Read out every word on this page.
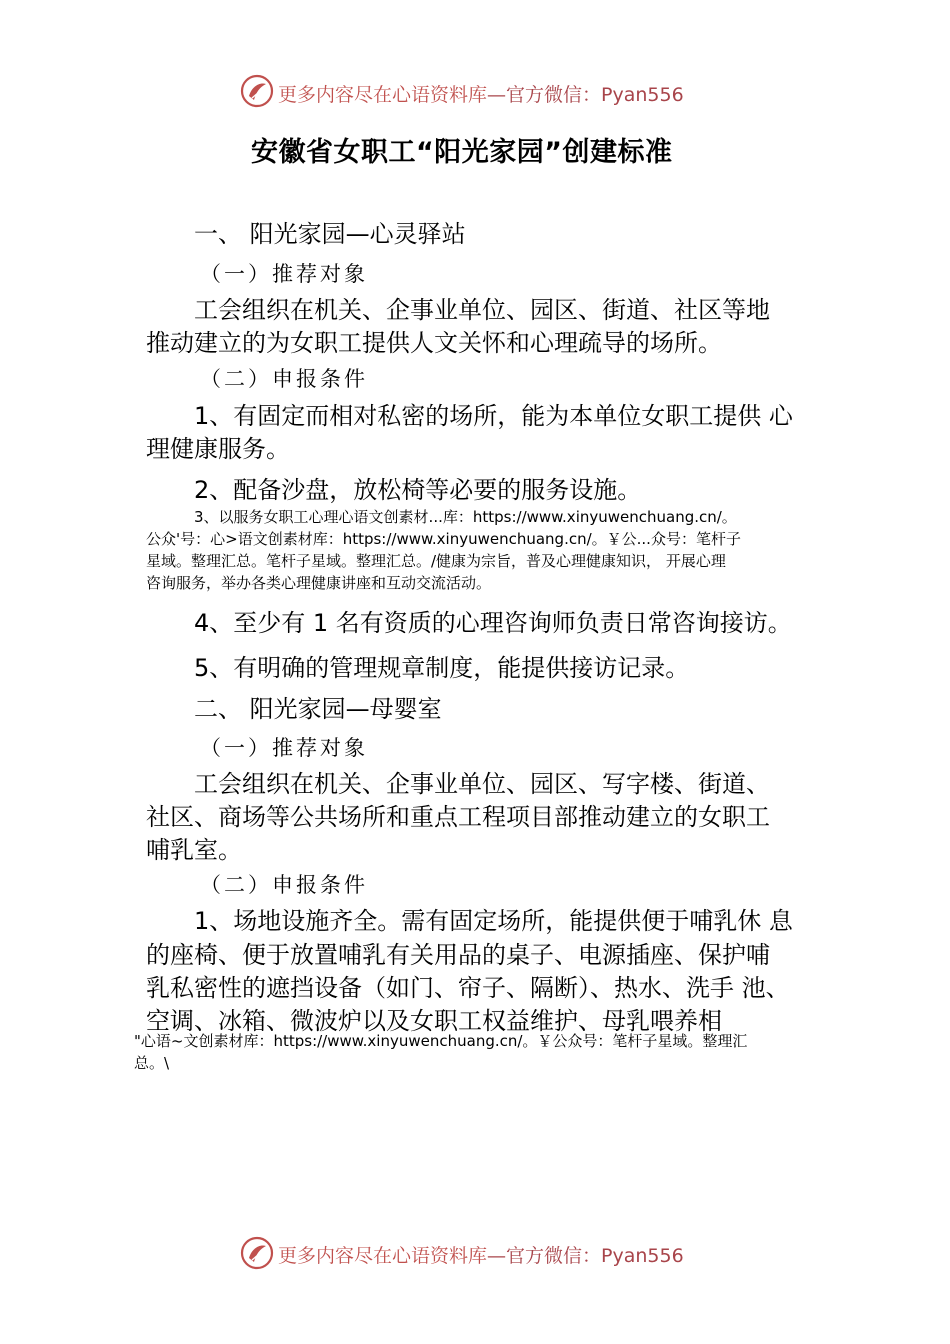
更多内容尽在心语资料库—官方微信：Pyan556
安徽省女职工“阳光家园”创建标准
一、 阳光家园—心灵驿站
（一）推荐对象
工会组织在机关、企事业单位、园区、街道、社区等地
推动建立的为女职工提供人文关怀和心理疏导的场所。
（二）申报条件
1、有固定而相对私密的场所，能为本单位女职工提供 心
理健康服务。
2、配备沙盘，放松椅等必要的服务设施。
3、以服务女职工心理心语文创素材...库：https://www.xinyuwenchuang.cn/。
公众'号：心>语文创素材库：https://www.xinyuwenchuang.cn/。￥公...众号：笔杆子
星域。整理汇总。笔杆子星域。整理汇总。/健康为宗旨，普及心理健康知识， 开展心理
咨询服务，举办各类心理健康讲座和互动交流活动。
4、至少有 1 名有资质的心理咨询师负责日常咨询接访。
5、有明确的管理规章制度，能提供接访记录。
二、 阳光家园—母婴室
（一）推荐对象
工会组织在机关、企事业单位、园区、写字楼、街道、
社区、商场等公共场所和重点工程项目部推动建立的女职工
哺乳室。
（二）申报条件
1、场地设施齐全。需有固定场所，能提供便于哺乳休 息
的座椅、便于放置哺乳有关用品的桌子、电源插座、保护哺
乳私密性的遮挡设备（如门、帘子、隔断）、热水、洗手 池、
空调、冰箱、微波炉以及女职工权益维护、母乳喂养相
"心语~文创素材库：https://www.xinyuwenchuang.cn/。￥公众号：笔杆子星域。整理汇
总。\
更多内容尽在心语资料库—官方微信：Pyan556
